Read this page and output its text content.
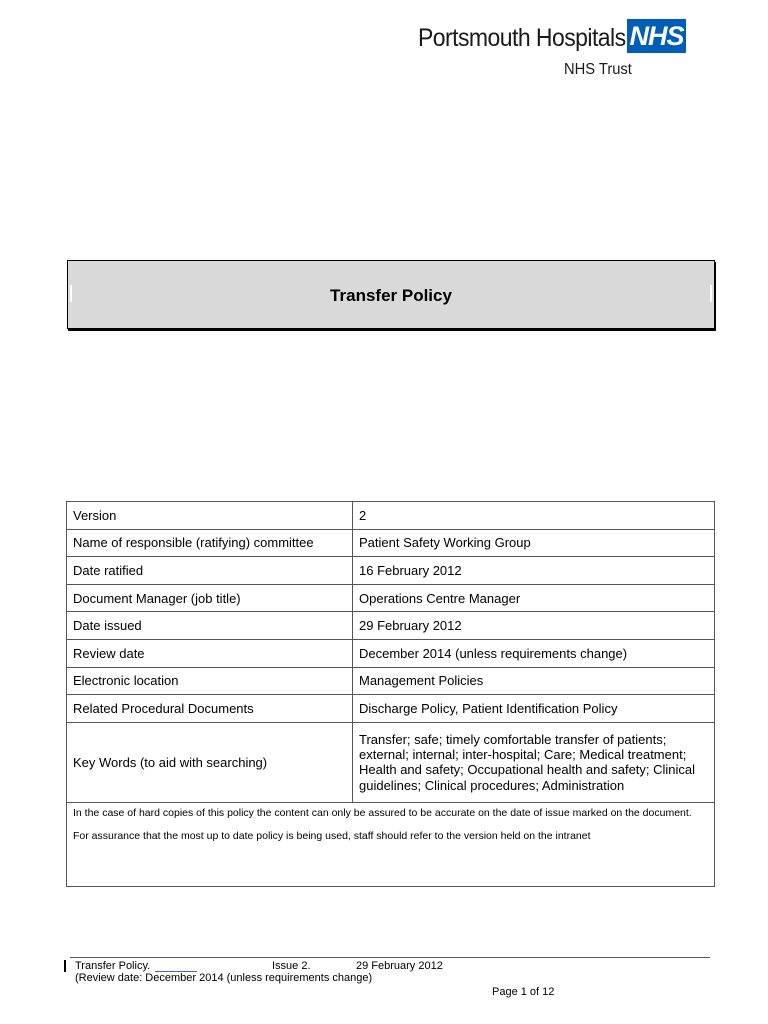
Portsmouth Hospitals NHS
NHS Trust
Transfer Policy
Version	2
Name of responsible (ratifying) committee	Patient Safety Working Group
Date ratified	16 February 2012
Document Manager (job title)	Operations Centre Manager
Date issued	29 February 2012
Review date	December 2014 (unless requirements change)
Electronic location	Management Policies
Related Procedural Documents	Discharge Policy, Patient Identification Policy
Key Words (to aid with searching)	Transfer; safe; timely comfortable transfer of patients; external; internal; inter-hospital; Care; Medical treatment; Health and safety; Occupational health and safety; Clinical guidelines; Clinical procedures; Administration

In the case of hard copies of this policy the content can only be assured to be accurate on the date of issue marked on the document.

For assurance that the most up to date policy is being used, staff should refer to the version held on the intranet	

Transfer Policy.	Issue 2.	29 February 2012
(Review date: December 2014 (unless requirements change)
Page 1 of 12
